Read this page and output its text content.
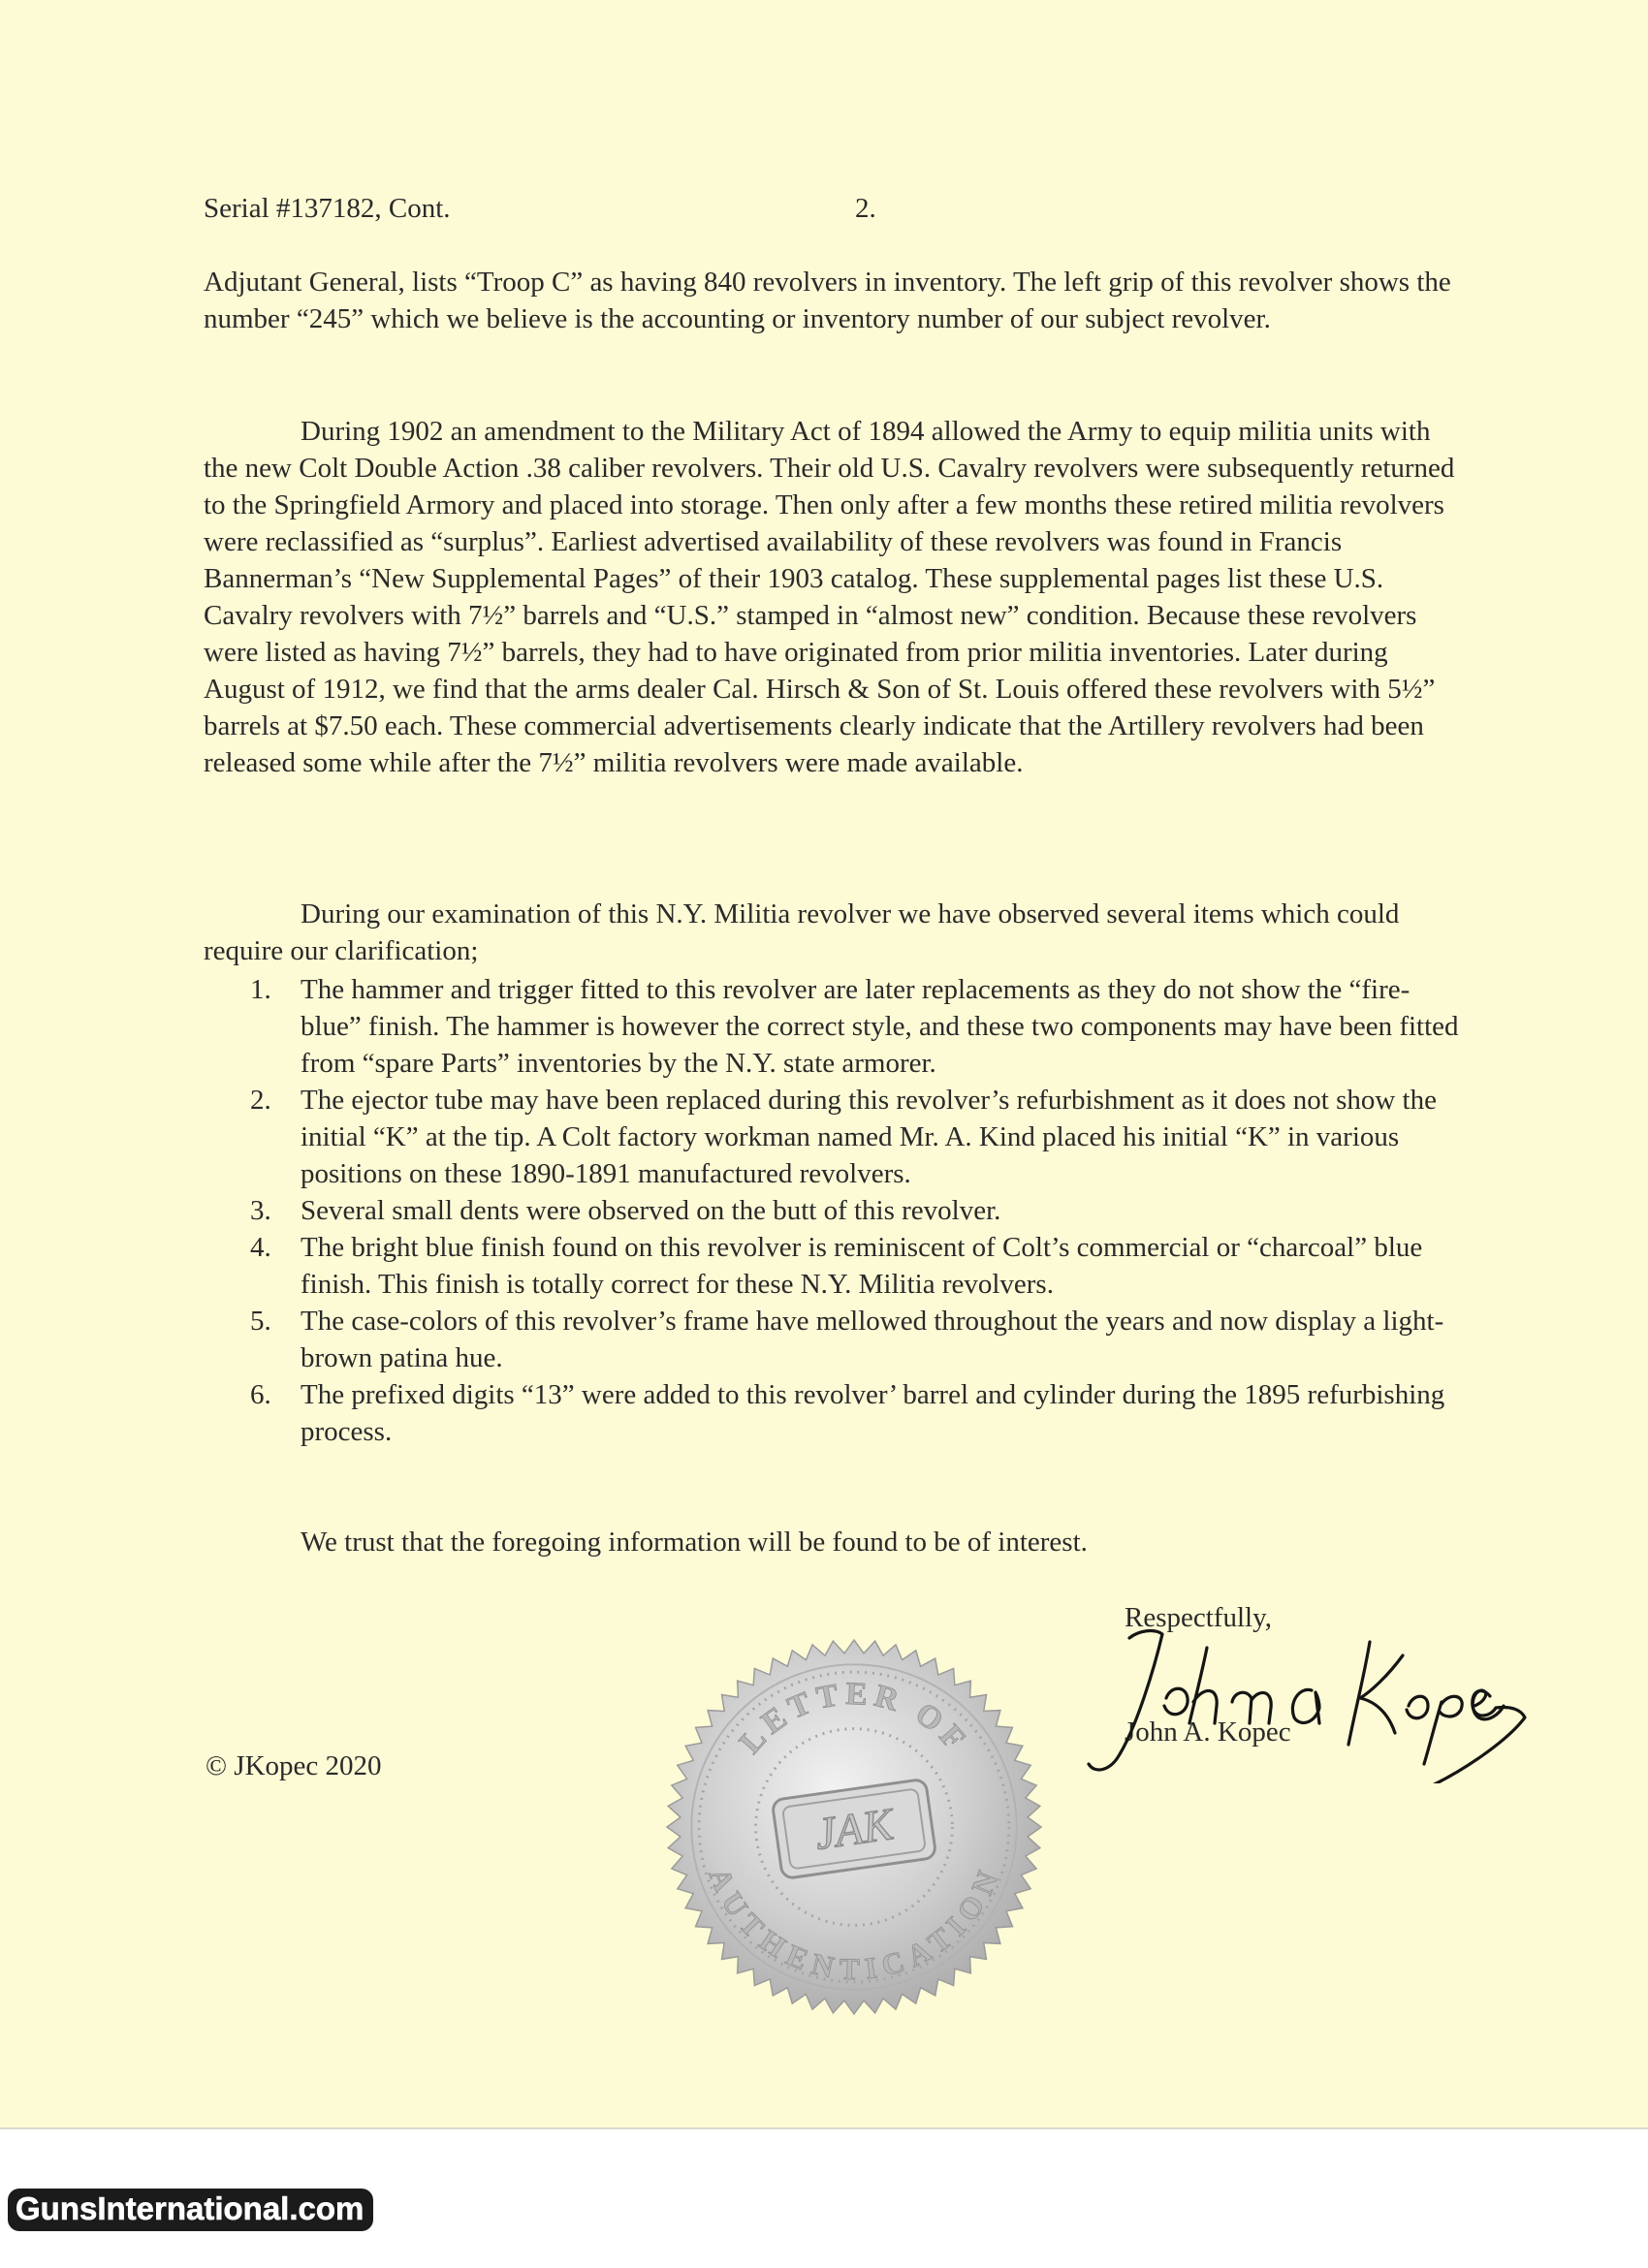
Serial #137182, Cont.	2.

Adjutant General, lists “Troop C” as having 840 revolvers in inventory. The left grip of this revolver shows the number “245” which we believe is the accounting or inventory number of our subject revolver.

During 1902 an amendment to the Military Act of 1894 allowed the Army to equip militia units with the new Colt Double Action .38 caliber revolvers. Their old U.S. Cavalry revolvers were subsequently returned to the Springfield Armory and placed into storage. Then only after a few months these retired militia revolvers were reclassified as “surplus”. Earliest advertised availability of these revolvers was found in Francis Bannerman’s “New Supplemental Pages” of their 1903 catalog. These supplemental pages list these U.S. Cavalry revolvers with 7½” barrels and “U.S.” stamped in “almost new” condition. Because these revolvers were listed as having 7½” barrels, they had to have originated from prior militia inventories. Later during August of 1912, we find that the arms dealer Cal. Hirsch & Son of St. Louis offered these revolvers with 5½” barrels at $7.50 each. These commercial advertisements clearly indicate that the Artillery revolvers had been released some while after the 7½” militia revolvers were made available.

During our examination of this N.Y. Militia revolver we have observed several items which could require our clarification;

1. The hammer and trigger fitted to this revolver are later replacements as they do not show the “fire-blue” finish. The hammer is however the correct style, and these two components may have been fitted from “spare Parts” inventories by the N.Y. state armorer.
2. The ejector tube may have been replaced during this revolver’s refurbishment as it does not show the initial “K” at the tip. A Colt factory workman named Mr. A. Kind placed his initial “K” in various positions on these 1890-1891 manufactured revolvers.
3. Several small dents were observed on the butt of this revolver.
4. The bright blue finish found on this revolver is reminiscent of Colt’s commercial or “charcoal” blue finish. This finish is totally correct for these N.Y. Militia revolvers.
5. The case-colors of this revolver’s frame have mellowed throughout the years and now display a light-brown patina hue.
6. The prefixed digits “13” were added to this revolver’ barrel and cylinder during the 1895 refurbishing process.
We trust that the foregoing information will be found to be of interest.
Respectfully,
John A. Kopec
© JKopec 2020
LETTER OF
AUTHENTICATION
JAK
GunsInternational.com
